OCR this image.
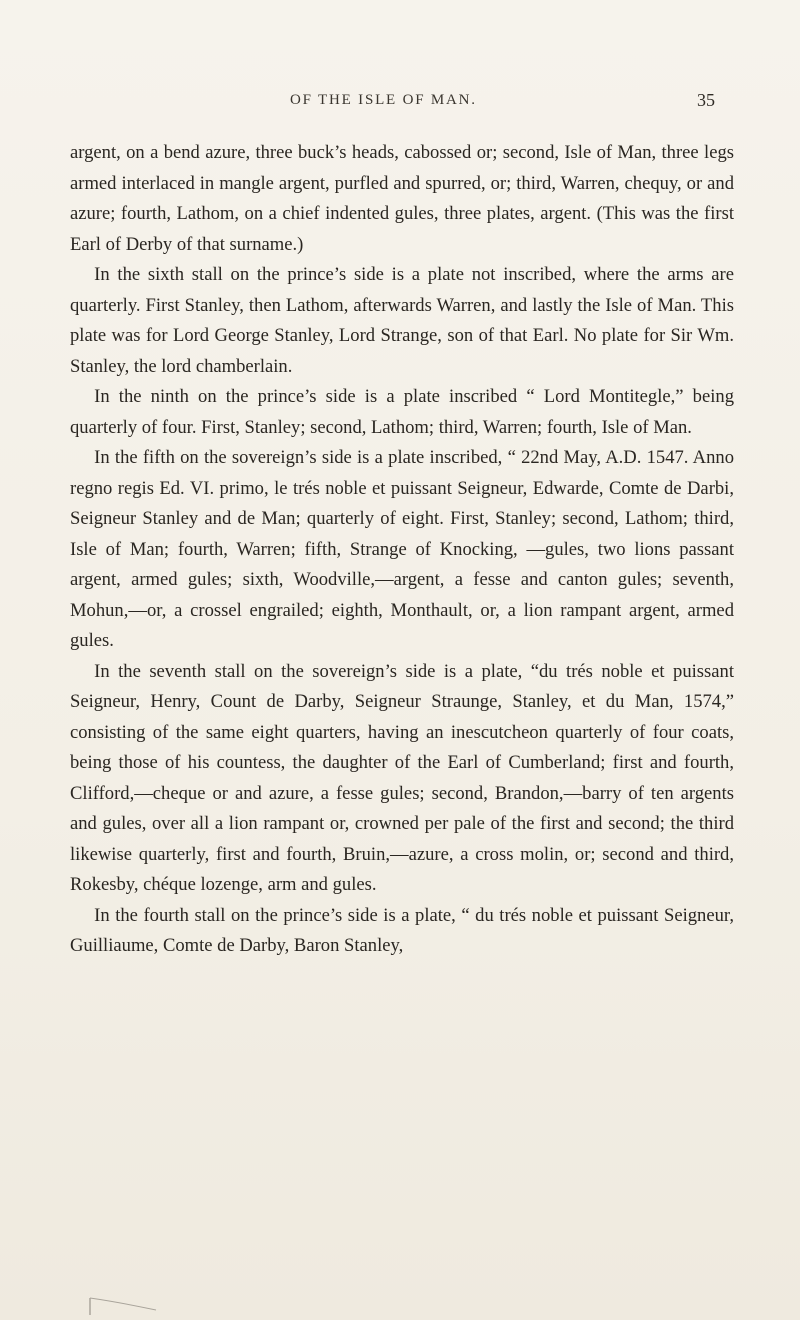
OF THE ISLE OF MAN.	35

argent, on a bend azure, three buck’s heads, cabossed or; second, Isle of Man, three legs armed interlaced in mangle argent, purfled and spurred, or; third, Warren, chequy, or and azure; fourth, Lathom, on a chief indented gules, three plates, argent. (This was the first Earl of Derby of that surname.)

In the sixth stall on the prince’s side is a plate not inscribed, where the arms are quarterly. First Stanley, then Lathom, afterwards Warren, and lastly the Isle of Man. This plate was for Lord George Stanley, Lord Strange, son of that Earl. No plate for Sir Wm. Stanley, the lord chamberlain.

In the ninth on the prince’s side is a plate inscribed “ Lord Montitegle,” being quarterly of four. First, Stanley; second, Lathom; third, Warren; fourth, Isle of Man.

In the fifth on the sovereign’s side is a plate inscribed, “ 22nd May, A.D. 1547. Anno regno regis Ed. VI. primo, le trés noble et puissant Seigneur, Edwarde, Comte de Darbi, Seigneur Stanley and de Man; quarterly of eight. First, Stanley; second, Lathom; third, Isle of Man; fourth, Warren; fifth, Strange of Knocking, —gules, two lions passant argent, armed gules; sixth, Woodville,—argent, a fesse and canton gules; seventh, Mohun,—or, a crossel engrailed; eighth, Monthault, or, a lion rampant argent, armed gules.

In the seventh stall on the sovereign’s side is a plate, “du trés noble et puissant Seigneur, Henry, Count de Darby, Seigneur Straunge, Stanley, et du Man, 1574,” consisting of the same eight quarters, having an inescutcheon quarterly of four coats, being those of his countess, the daughter of the Earl of Cumberland; first and fourth, Clifford,—cheque or and azure, a fesse gules; second, Brandon,—barry of ten argents and gules, over all a lion rampant or, crowned per pale of the first and second; the third likewise quarterly, first and fourth, Bruin,—azure, a cross molin, or; second and third, Rokesby, chéque lozenge, arm and gules.

In the fourth stall on the prince’s side is a plate, “ du trés noble et puissant Seigneur, Guilliaume, Comte de Darby, Baron Stanley,
